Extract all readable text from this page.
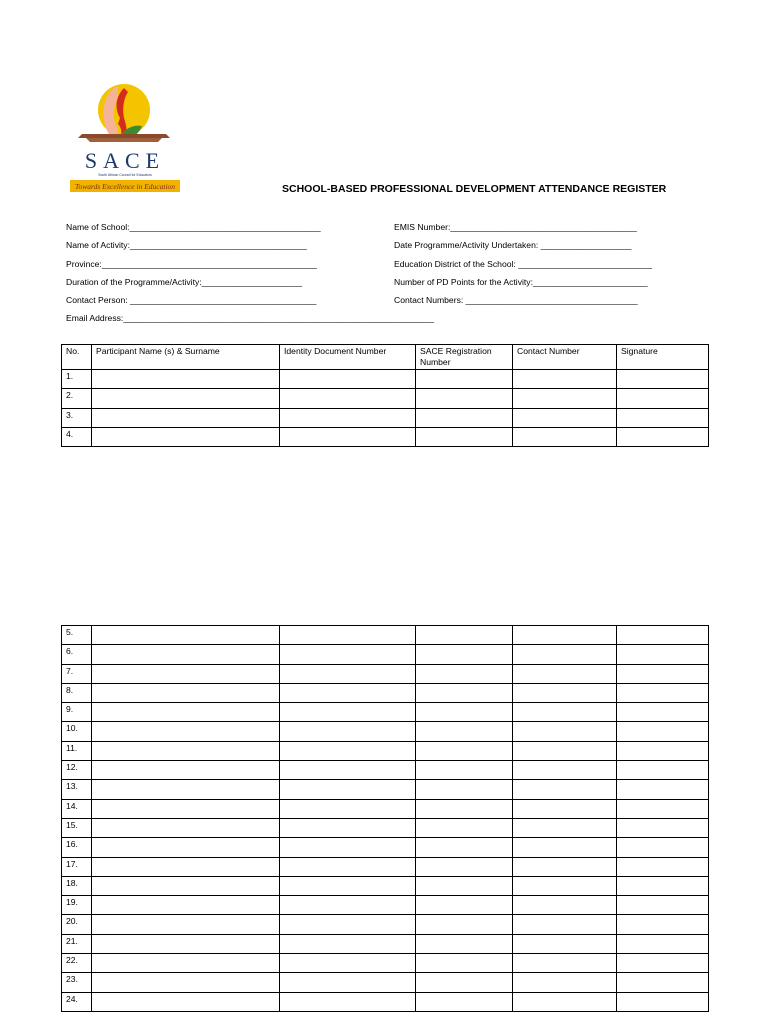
SACE
South African Council for Educators
Towards Excellence in Education	SCHOOL-BASED PROFESSIONAL DEVELOPMENT ATTENDANCE REGISTER
Name of School:________________________________________	EMIS Number:_______________________________________
Name of Activity:_____________________________________	Date Programme/Activity Undertaken: ___________________
Province:_____________________________________________	Education District of the School: ____________________________
Duration of the Programme/Activity:_____________________	Number of PD Points for the Activity:________________________
Contact Person: _______________________________________	Contact Numbers: ____________________________________
Email Address:_________________________________________________________________
No.	Participant Name (s) & Surname	Identity Document Number	SACE Registration Number	Contact Number	Signature
1.					
2.					
3.					
4.					
5.					
6.					
7.					
8.					
9.					
10.					
11.					
12.					
13.					
14.					
15.					
16.					
17.					
18.					
19.					
20.					
21.					
22.					
23.					
24.					
